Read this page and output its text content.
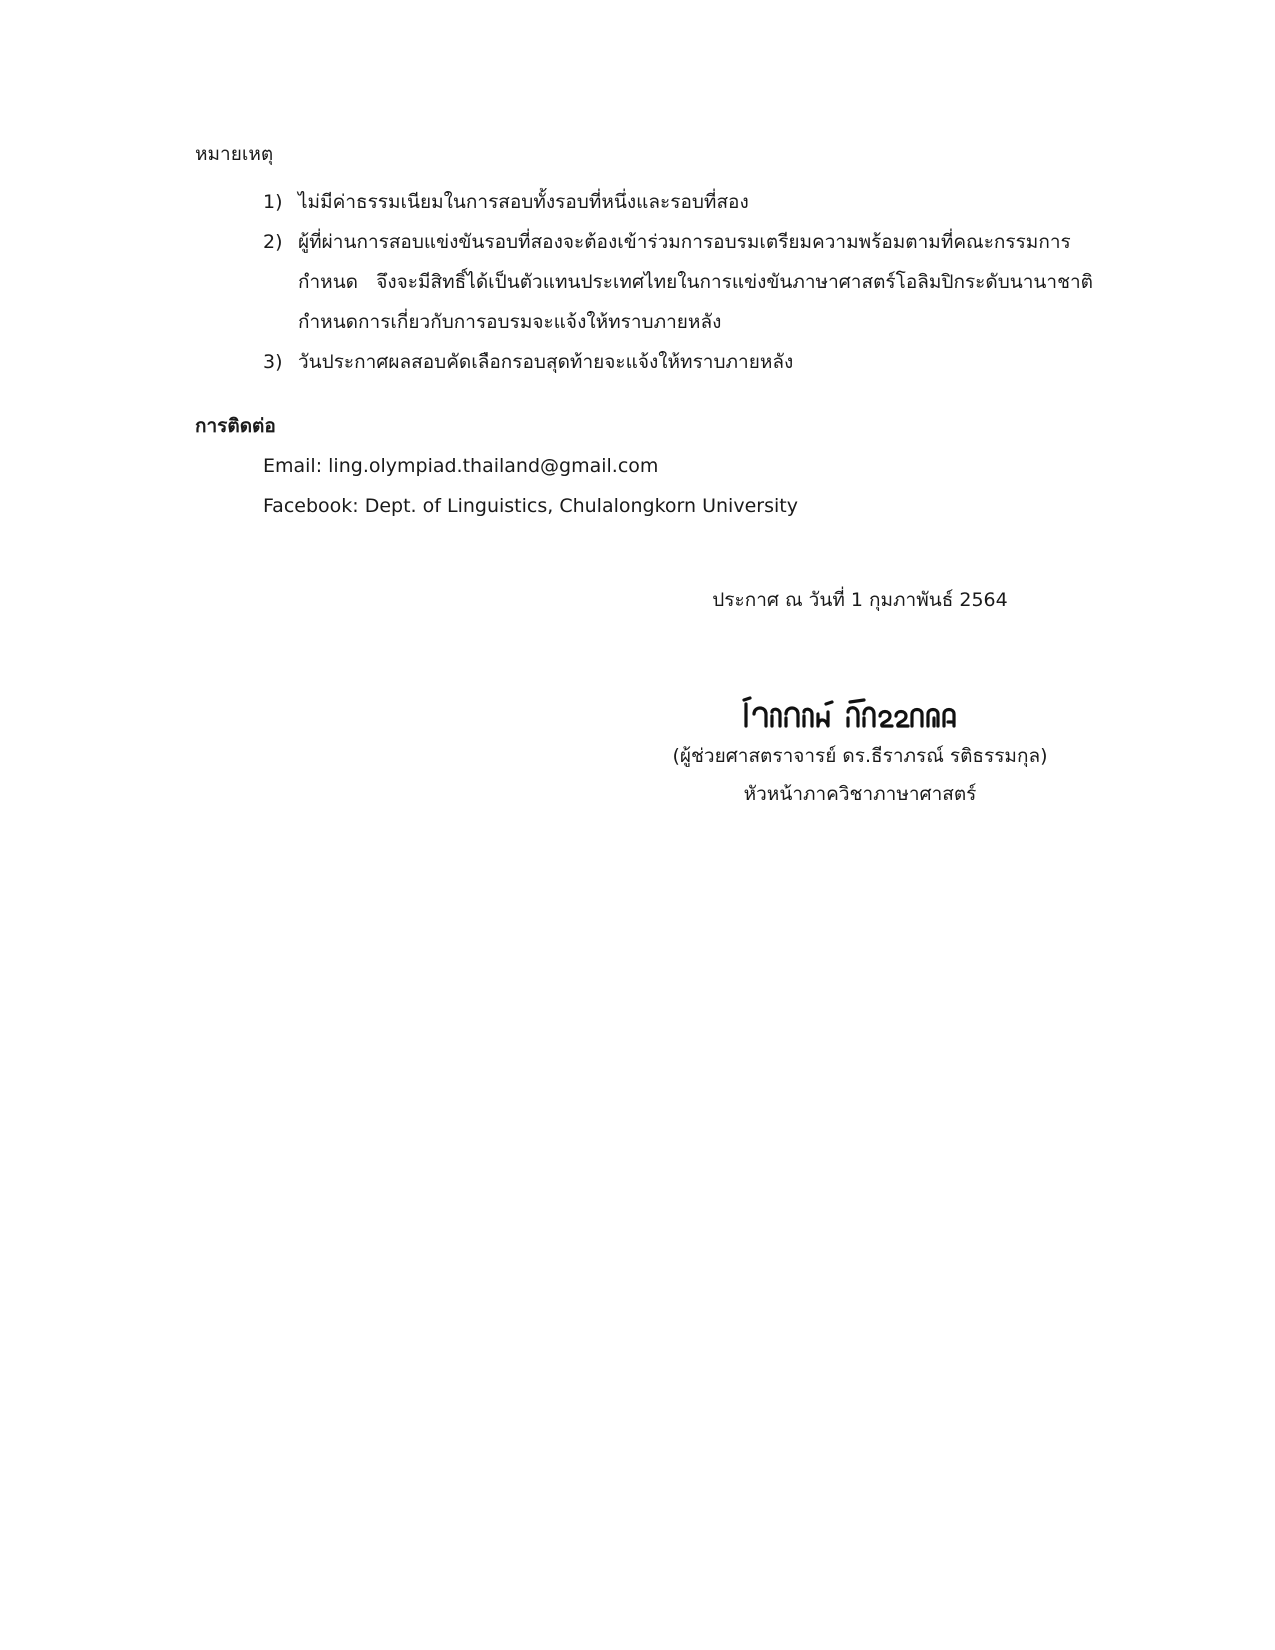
หมายเหตุ
1) ไม่มีค่าธรรมเนียมในการสอบทั้งรอบที่หนึ่งและรอบที่สอง
2) ผู้ที่ผ่านการสอบแข่งขันรอบที่สองจะต้องเข้าร่วมการอบรมเตรียมความพร้อมตามที่คณะกรรมการกำหนด จึงจะมีสิทธิ์ได้เป็นตัวแทนประเทศไทยในการแข่งขันภาษาศาสตร์โอลิมปิกระดับนานาชาติ กำหนดการเกี่ยวกับการอบรมจะแจ้งให้ทราบภายหลัง
3) วันประกาศผลสอบคัดเลือกรอบสุดท้ายจะแจ้งให้ทราบภายหลัง
การติดต่อ
Email: ling.olympiad.thailand@gmail.com
Facebook: Dept. of Linguistics, Chulalongkorn University
ประกาศ ณ วันที่ 1 กุมภาพันธ์ 2564
(ผู้ช่วยศาสตราจารย์ ดร.ธีราภรณ์ รติธรรมกุล)
หัวหน้าภาควิชาภาษาศาสตร์
